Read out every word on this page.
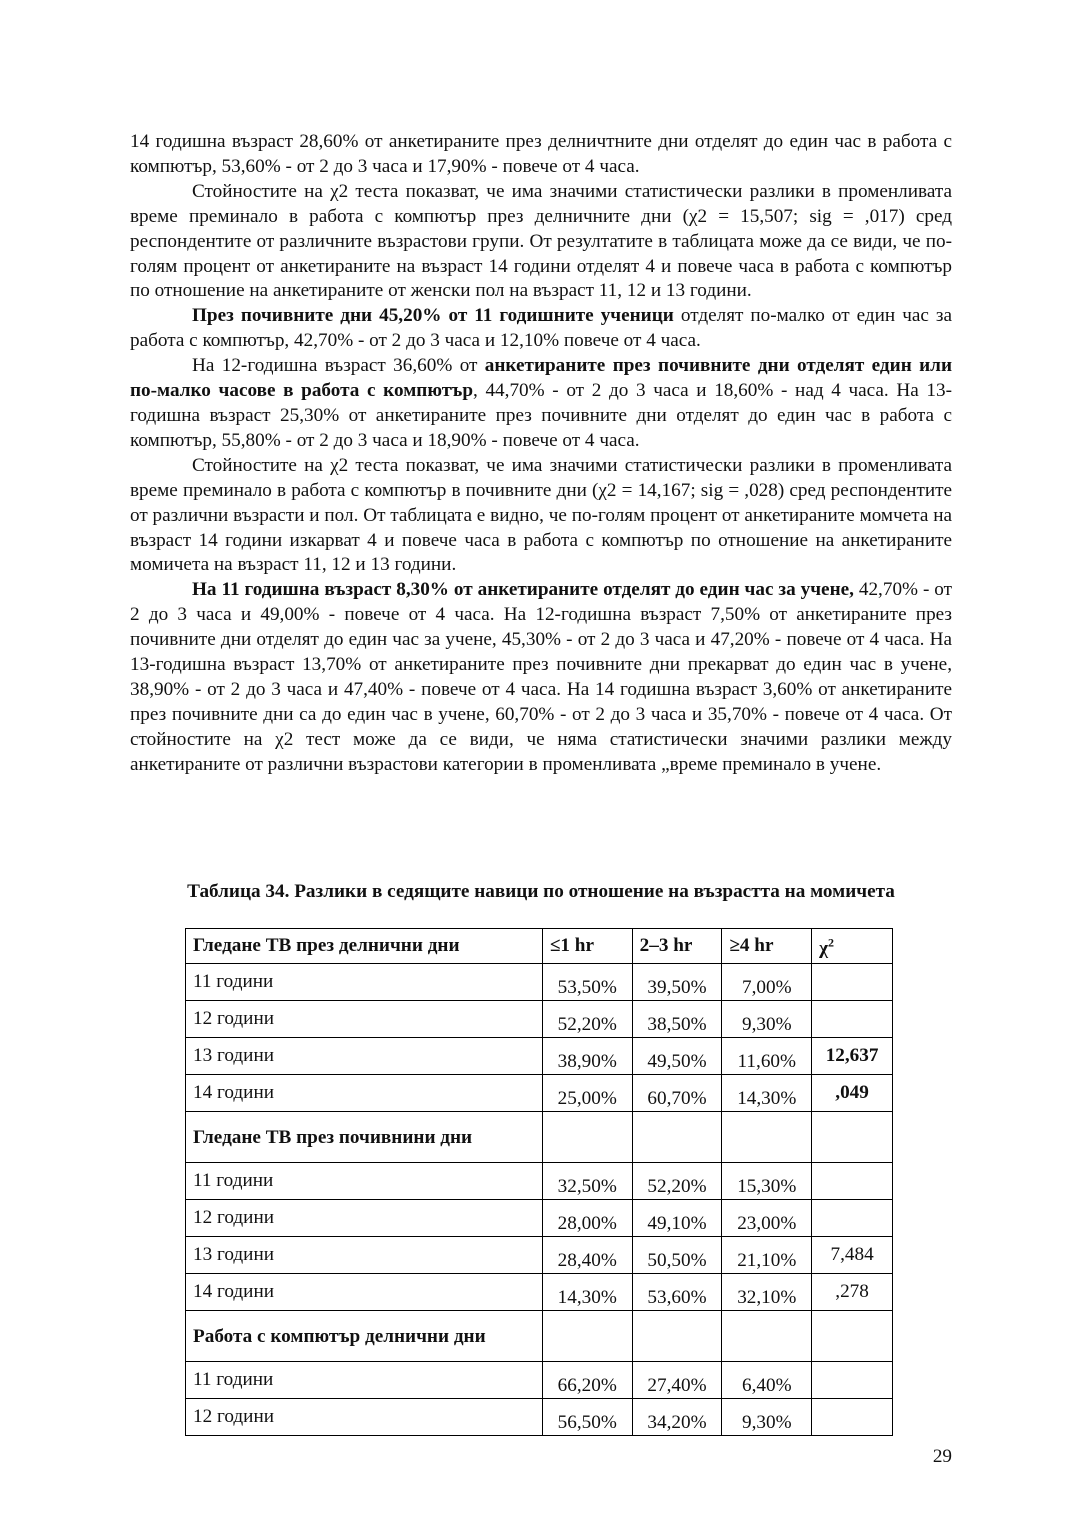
14 годишна възраст 28,60% от анкетираните през делничтните дни отделят до един час в работа с компютър, 53,60% - от 2 до 3 часа и 17,90% - повече от 4 часа.

Стойностите на χ2 теста показват, че има значими статистически разлики в променливата време преминало в работа с компютър през делничните дни (χ2 = 15,507; sig = ,017) сред респондентите от различните възрастови групи. От резултатите в таблицата може да се види, че по-голям процент от анкетираните на възраст 14 години отделят 4 и повече часа в работа с компютър по отношение на анкетираните от женски пол на възраст 11, 12 и 13 години.

През почивните дни 45,20% от 11 годишните ученици отделят по-малко от един час за работа с компютър, 42,70% - от 2 до 3 часа и 12,10% повече от 4 часа.

На 12-годишна възраст 36,60% от анкетираните през почивните дни отделят един или по-малко часове в работа с компютър, 44,70% - от 2 до 3 часа и 18,60% - над 4 часа. На 13-годишна възраст 25,30% от анкетираните през почивните дни отделят до един час в работа с компютър, 55,80% - от 2 до 3 часа и 18,90% - повече от 4 часа.

Стойностите на χ2 теста показват, че има значими статистически разлики в променливата време преминало в работа с компютър в почивните дни (χ2 = 14,167; sig = ,028) сред респондентите от различни възрасти и пол. От таблицата е видно, че по-голям процент от анкетираните момчета на възраст 14 години изкарват 4 и повече часа в работа с компютър по отношение на анкетираните момичета на възраст 11, 12 и 13 години.

На 11 годишна възраст 8,30% от анкетираните отделят до един час за учене, 42,70% - от 2 до 3 часа и 49,00% - повече от 4 часа. На 12-годишна възраст 7,50% от анкетираните през почивните дни отделят до един час за учене, 45,30% - от 2 до 3 часа и 47,20% - повече от 4 часа. На 13-годишна възраст 13,70% от анкетираните през почивните дни прекарват до един час в учене, 38,90% - от 2 до 3 часа и 47,40% - повече от 4 часа. На 14 годишна възраст 3,60% от анкетираните през почивните дни са до един час в учене, 60,70% - от 2 до 3 часа и 35,70% - повече от 4 часа. От стойностите на χ2 тест може да се види, че няма статистически значими разлики между анкетираните от различни възрастови категории в променливата „време преминало в учене.

Таблица 34. Разлики в седящите навици по отношение на възрастта на момичета
Гледане ТВ през делнични дни	≤1 hr	2–3 hr	≥4 hr	$\chi^2$
11 години	53,50%	39,50%	7,00%	
12 години	52,20%	38,50%	9,30%	
13 години	38,90%	49,50%	11,60%	12,637
14 години	25,00%	60,70%	14,30%	,049
Гледане ТВ през почивнини дни				
11 години	32,50%	52,20%	15,30%	
12 години	28,00%	49,10%	23,00%	
13 години	28,40%	50,50%	21,10%	7,484
14 години	14,30%	53,60%	32,10%	,278
Работа с компютър делнични дни				
11 години	66,20%	27,40%	6,40%	
12 години	56,50%	34,20%	9,30%	
29
